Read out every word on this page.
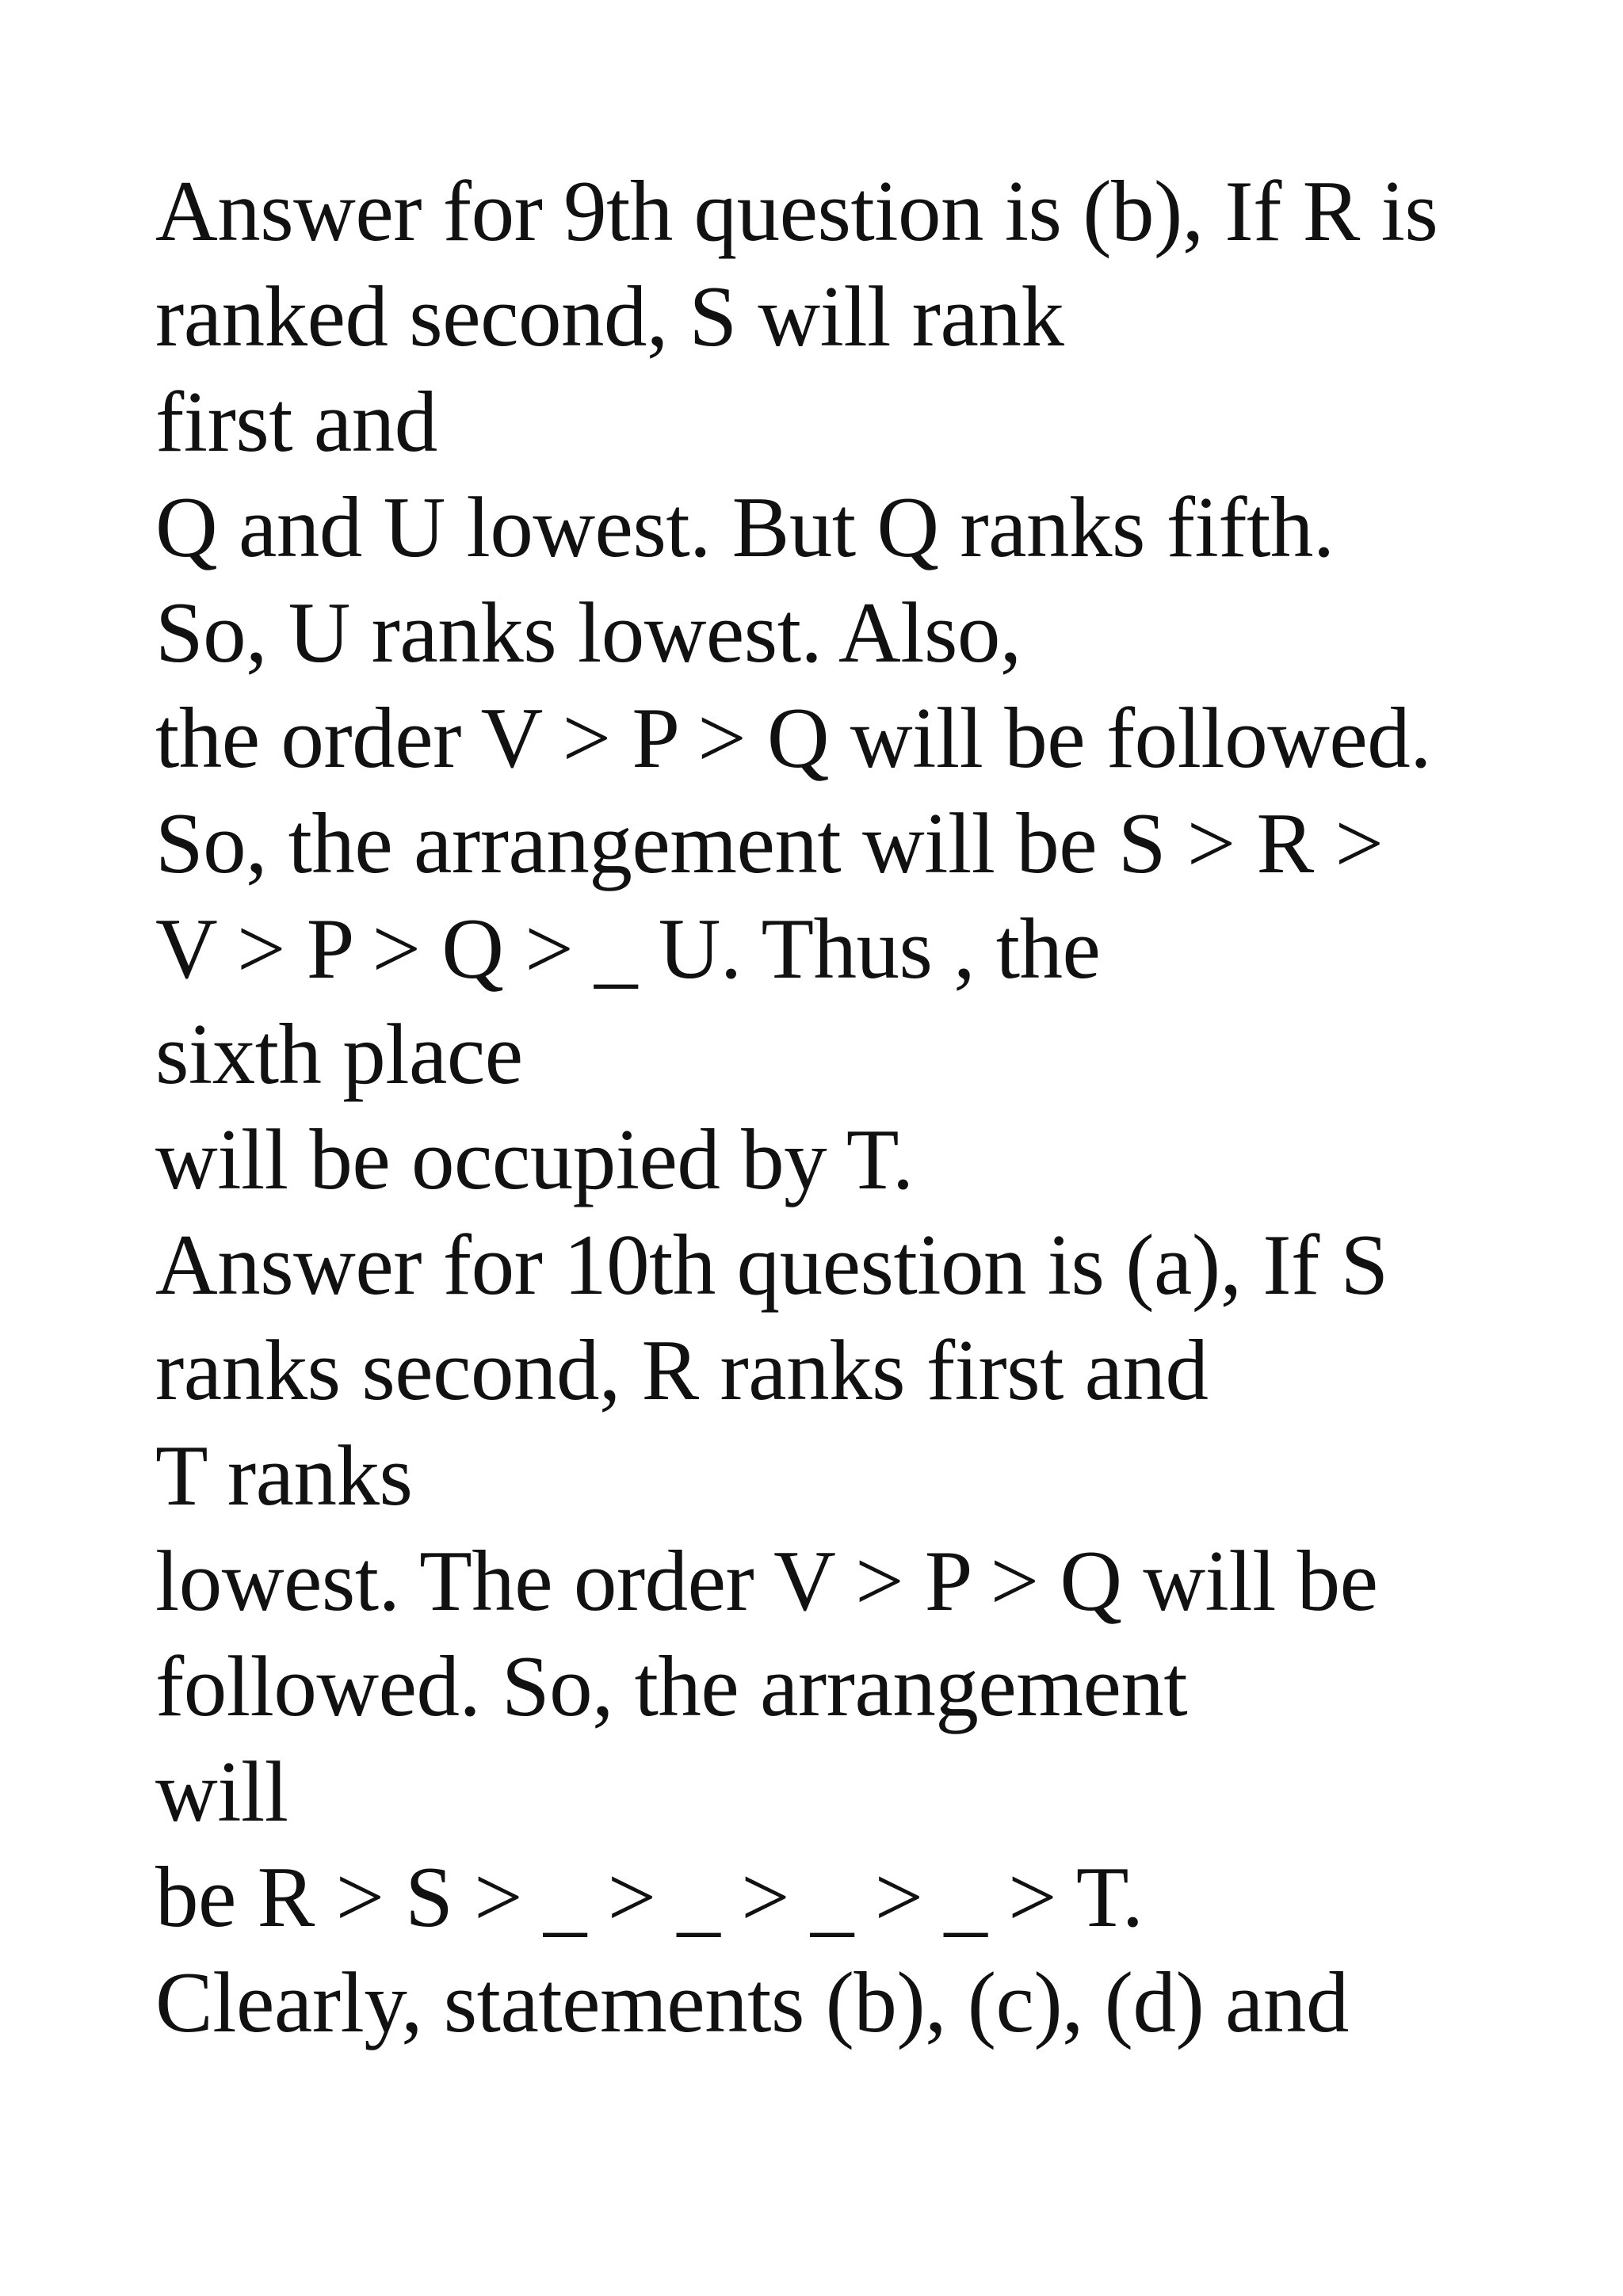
Answer for 9th question is (b), If R is

ranked second, S will rank

first and

Q and U lowest. But Q ranks fifth.

So, U ranks lowest. Also,

the order V > P > Q will be followed.

So, the arrangement will be S > R >

V > P > Q > _ U. Thus , the

sixth place

will be occupied by T.

Answer for 10th question is (a), If S

ranks second, R ranks first and

T ranks

lowest. The order V > P > Q will be

followed. So, the arrangement

will

be R > S > _ > _ > _ > _ > T.

Clearly, statements (b), (c), (d) and
